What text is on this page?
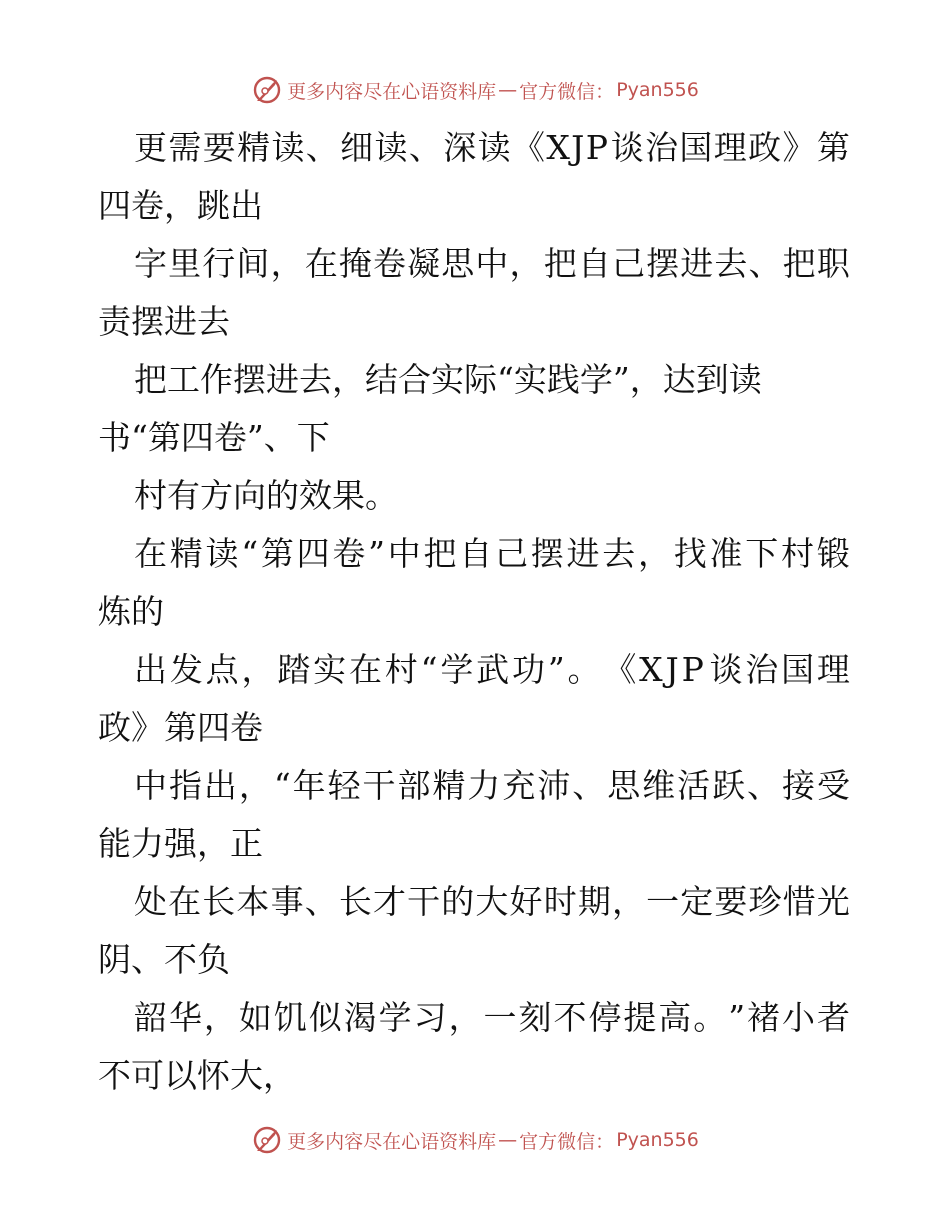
更多内容尽在心语资料库 — 官方微信： Pyan556
更 需 要 精 读 、 细 读 、 深 读 《 X J P 谈 治 国 理 政 》 第
四卷，跳出
字 里 行 间 ， 在 掩 卷 凝 思 中 ， 把 自 己 摆 进 去 、 把 职
责摆进去
把工作摆进去，结合实际“实践学”，达到读
书“第四卷”、下
村有方向的效果。
在 精 读 “ 第 四 卷 ” 中 把 自 己 摆 进 去 ， 找 准 下 村 锻
炼的
出 发 点 ， 踏 实 在 村 “ 学 武 功 ” 。 《 X J P 谈 治 国 理
政》第四卷
中 指 出 ， “ 年 轻 干 部 精 力 充 沛 、 思 维 活 跃 、 接 受
能力强，正
处 在 长 本 事 、 长 才 干 的 大 好 时 期 ， 一 定 要 珍 惜 光
阴、不负
韶 华 ， 如 饥 似 渴 学 习 ， 一 刻 不 停 提 高 。 ” 褚 小 者
不可以怀大，
更多内容尽在心语资料库 — 官方微信： Pyan556
